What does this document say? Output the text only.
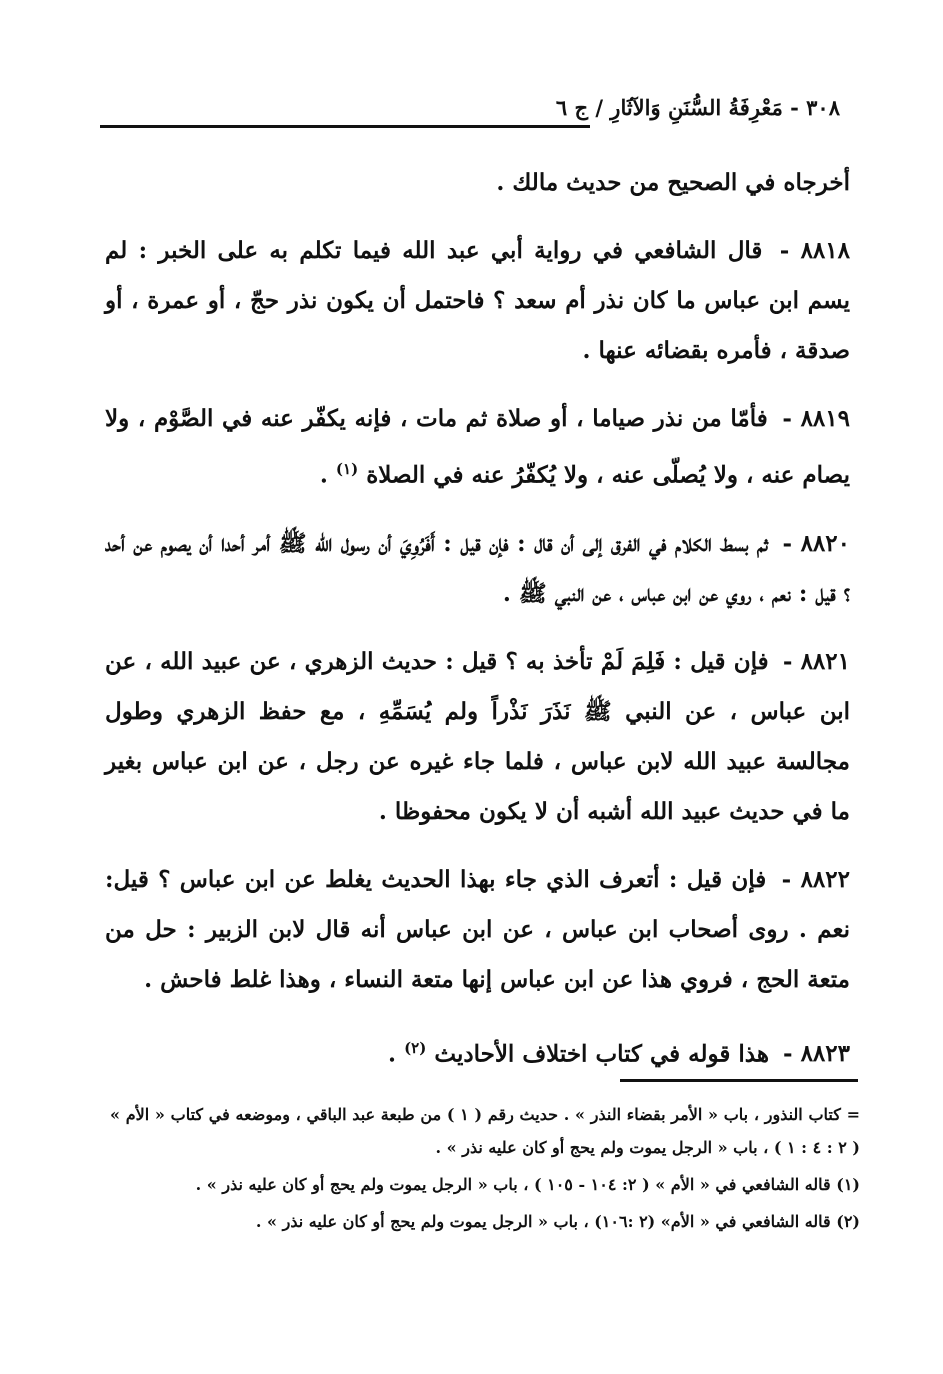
٣٠٨ - مَعْرِفَةُ السُّنَنِ وَالآثَارِ / ج ٦

أخرجاه في الصحيح من حديث مالك .

٨٨١٨ - قال الشافعي في رواية أبي عبد الله فيما تكلم به على الخبر : لم يسم ابن عباس ما كان نذر أم سعد ؟ فاحتمل أن يكون نذر حجّ ، أو عمرة ، أو صدقة ، فأمره بقضائه عنها .

٨٨١٩ - فأمّا من نذر صياما ، أو صلاة ثم مات ، فإنه يكفّر عنه في الصَّوْم ، ولا يصام عنه ، ولا يُصلّى عنه ، ولا يُكفّرُ عنه في الصلاة $^{(١)}$ .

٨٨٢٠ - ثم بسط الكلام في الفرق إلى أن قال : فإن قيل : أَفَرُوِيَ أن رسول الله ﷺ أمر أحدا أن يصوم عن أحد ؟ قيل : نعم ، روي عن ابن عباس ، عن النبي ﷺ .

٨٨٢١ - فإن قيل : فَلِمَ لَمْ تأخذ به ؟ قيل : حديث الزهري ، عن عبيد الله ، عن ابن عباس ، عن النبي ﷺ نَذَرَ نَذْراً ولم يُسَمِّهِ ، مع حفظ الزهري وطول مجالسة عبيد الله لابن عباس ، فلما جاء غيره عن رجل ، عن ابن عباس بغير ما في حديث عبيد الله أشبه أن لا يكون محفوظا .

٨٨٢٢ - فإن قيل : أتعرف الذي جاء بهذا الحديث يغلط عن ابن عباس ؟ قيل: نعم . روى أصحاب ابن عباس ، عن ابن عباس أنه قال لابن الزبير : حل من متعة الحج ، فروي هذا عن ابن عباس إنها متعة النساء ، وهذا غلط فاحش .

٨٨٢٣ - هذا قوله في كتاب اختلاف الأحاديث $^{(٢)}$ .

= كتاب النذور ، باب « الأمر بقضاء النذر » . حديث رقم ( ١ ) من طبعة عبد الباقي ، وموضعه في كتاب « الأم » ( ٢ : ٤ : ١ ) ، باب « الرجل يموت ولم يحج أو كان عليه نذر » .

(١) قاله الشافعي في « الأم » ( ٢: ١٠٤ - ١٠٥ ) ، باب « الرجل يموت ولم يحج أو كان عليه نذر » .

(٢) قاله الشافعي في « الأم» (٢ :١٠٦) ، باب « الرجل يموت ولم يحج أو كان عليه نذر » .
